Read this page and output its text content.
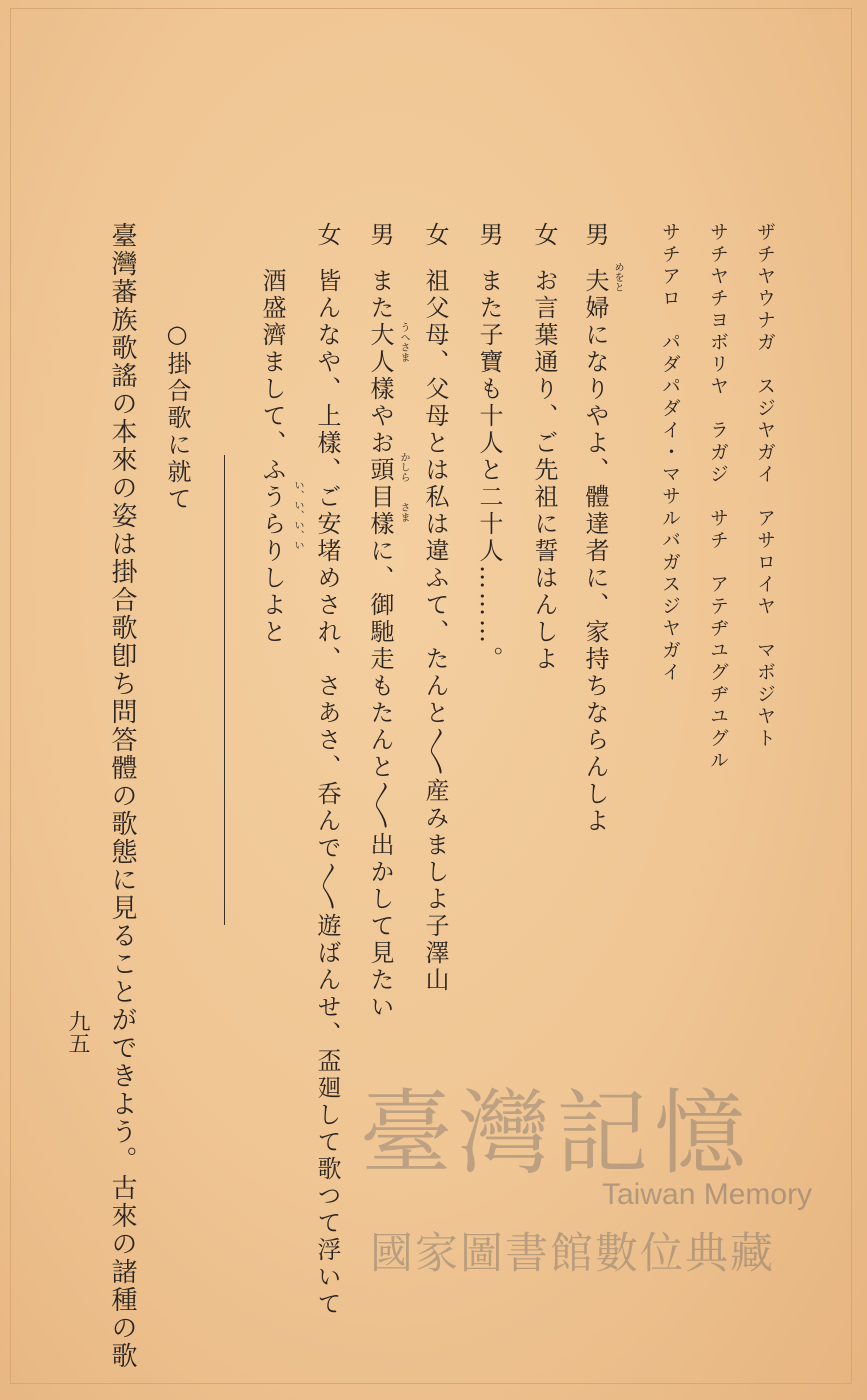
ザチヤウナガ　スジヤガイ　アサロイヤ　マボジヤト
サチヤチヨボリヤ　ラガジ　サチ　アテヂユグヂユグル
サチアロ　パダパダイ・マサルバガスジヤガイ
男
めをと
夫婦になりやよ、體達者に、家持ちならんしよ
女
お言葉通り、ご先祖に誓はんしよ
男
また子寶も十人と二十人………。
女
祖父母、父母とは私は違ふて、たんと〳〵産みましよ子澤山
男
うへさま
かしら
さま
また大人樣やお頭目樣に、御馳走もたんと〳〵出かして見たい
女
皆んなや、上樣、ご安堵めされ、さあさ、呑んで〳〵遊ばんせ、盃廻して歌つて浮いて
い、い、い、い
酒盛濟まして、ふうらりしよと
○掛合歌に就て
臺灣蕃族歌謠の本來の姿は掛合歌卽ち問答體の歌態に見ることができよう。古來の諸種の歌
九五
臺灣記憶
Taiwan Memory
國家圖書館數位典藏
